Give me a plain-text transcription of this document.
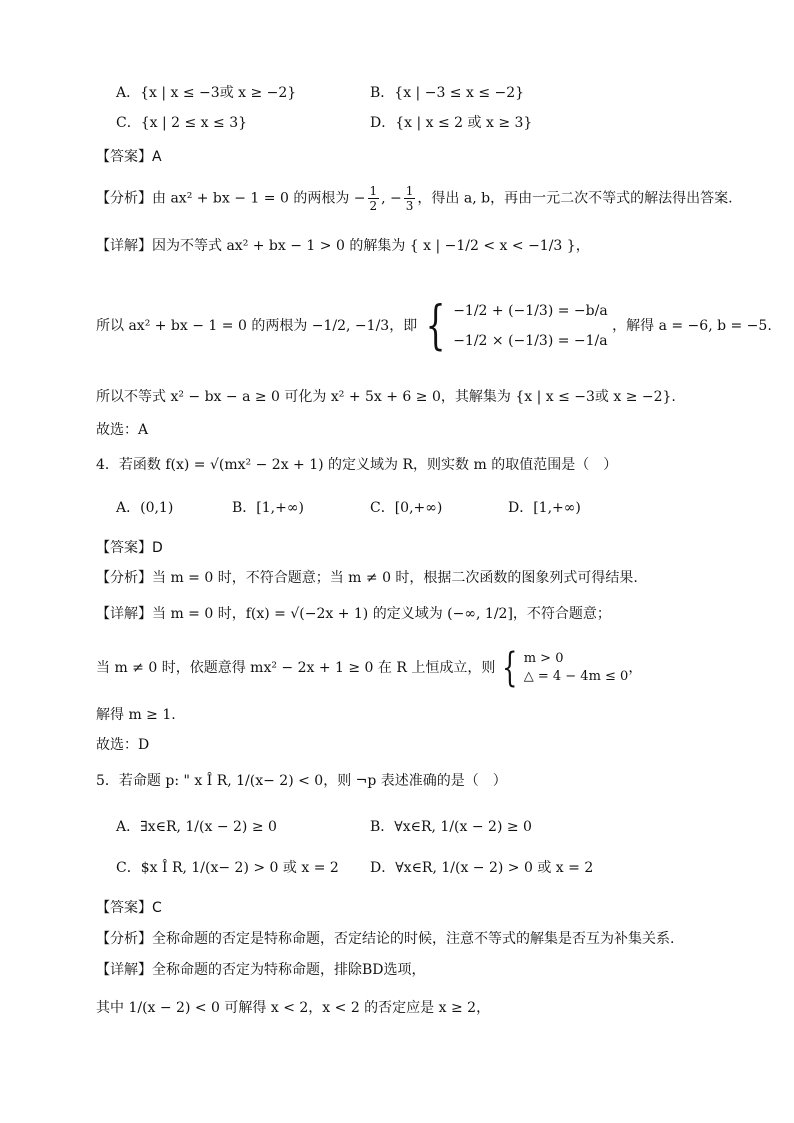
A．{x | x ≤ −3或 x ≥ −2}	B．{x | −3 ≤ x ≤ −2}
C．{x | 2 ≤ x ≤ 3}	D．{x | x ≤ 2 或 x ≥ 3}
【答案】A
【分析】由 ax² + bx − 1 = 0 的两根为 − $\frac{1}{2}$ , − $\frac{1}{3}$ ，得出 a, b，再由一元二次不等式的解法得出答案.
【详解】因为不等式 ax² + bx − 1 > 0 的解集为 { x | −1/2 < x < −1/3 }，
所以 ax² + bx − 1 = 0 的两根为 −1/2, −1/3，即 { −1/2 + (−1/3) = −b/a
−1/2 × (−1/3) = −1/a
，解得 a = −6, b = −5.
所以不等式 x² − bx − a ≥ 0 可化为 x² + 5x + 6 ≥ 0，其解集为 {x | x ≤ −3或 x ≥ −2}.
故选：A
4．若函数 f(x) = √(mx² − 2x + 1) 的定义域为 R，则实数 m 的取值范围是（　）
A．(0,1)	B．[1,+∞)	C．[0,+∞)	D．[1,+∞)
【答案】D
【分析】当 m = 0 时，不符合题意；当 m ≠ 0 时，根据二次函数的图象列式可得结果.
【详解】当 m = 0 时，f(x) = √(−2x + 1) 的定义域为 (−∞, 1/2]，不符合题意；
当 m ≠ 0 时，依题意得 mx² − 2x + 1 ≥ 0 在 R 上恒成立，则 { m > 0
△ = 4 − 4m ≤ 0
，
解得 m ≥ 1.
故选：D
5．若命题 p: " x Î R, 1/(x− 2) < 0，则 ¬p 表述准确的是（　）
A．∃x∈R, 1/(x − 2) ≥ 0	B．∀x∈R, 1/(x − 2) ≥ 0
C．$x Î R, 1/(x− 2) > 0 或 x = 2 D．∀x∈R, 1/(x − 2) > 0 或 x = 2
【答案】C
【分析】全称命题的否定是特称命题，否定结论的时候，注意不等式的解集是否互为补集关系.
【详解】全称命题的否定为特称命题，排除BD选项，
其中 1/(x − 2) < 0 可解得 x < 2，x < 2 的否定应是 x ≥ 2，
